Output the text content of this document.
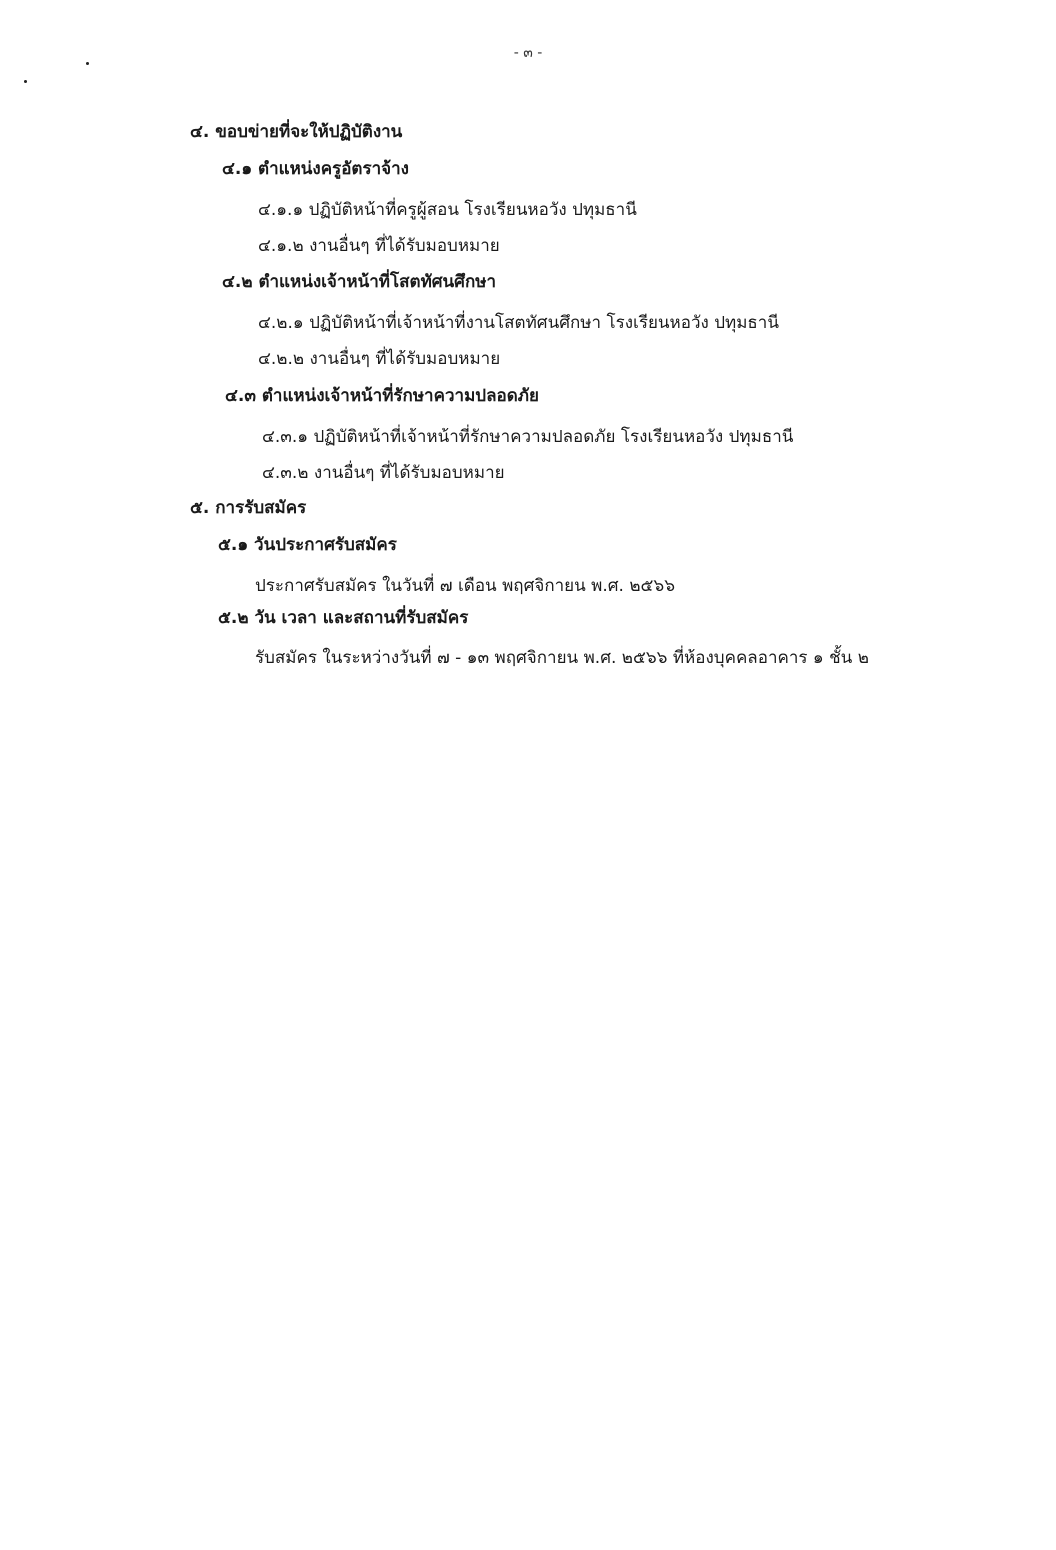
- ๓ -
๔. ขอบข่ายที่จะให้ปฏิบัติงาน
๔.๑ ตำแหน่งครูอัตราจ้าง
๔.๑.๑ ปฏิบัติหน้าที่ครูผู้สอน โรงเรียนหอวัง ปทุมธานี
๔.๑.๒ งานอื่นๆ ที่ได้รับมอบหมาย
๔.๒ ตำแหน่งเจ้าหน้าที่โสตทัศนศึกษา
๔.๒.๑ ปฏิบัติหน้าที่เจ้าหน้าที่งานโสตทัศนศึกษา โรงเรียนหอวัง ปทุมธานี
๔.๒.๒ งานอื่นๆ ที่ได้รับมอบหมาย
๔.๓ ตำแหน่งเจ้าหน้าที่รักษาความปลอดภัย
๔.๓.๑ ปฏิบัติหน้าที่เจ้าหน้าที่รักษาความปลอดภัย โรงเรียนหอวัง ปทุมธานี
๔.๓.๒ งานอื่นๆ ที่ได้รับมอบหมาย
๕. การรับสมัคร
๕.๑ วันประกาศรับสมัคร
ประกาศรับสมัคร ในวันที่ ๗ เดือน พฤศจิกายน พ.ศ. ๒๕๖๖
๕.๒ วัน เวลา และสถานที่รับสมัคร
รับสมัคร ในระหว่างวันที่ ๗ - ๑๓ พฤศจิกายน พ.ศ. ๒๕๖๖ ที่ห้องบุคคลอาคาร ๑ ชั้น ๒
